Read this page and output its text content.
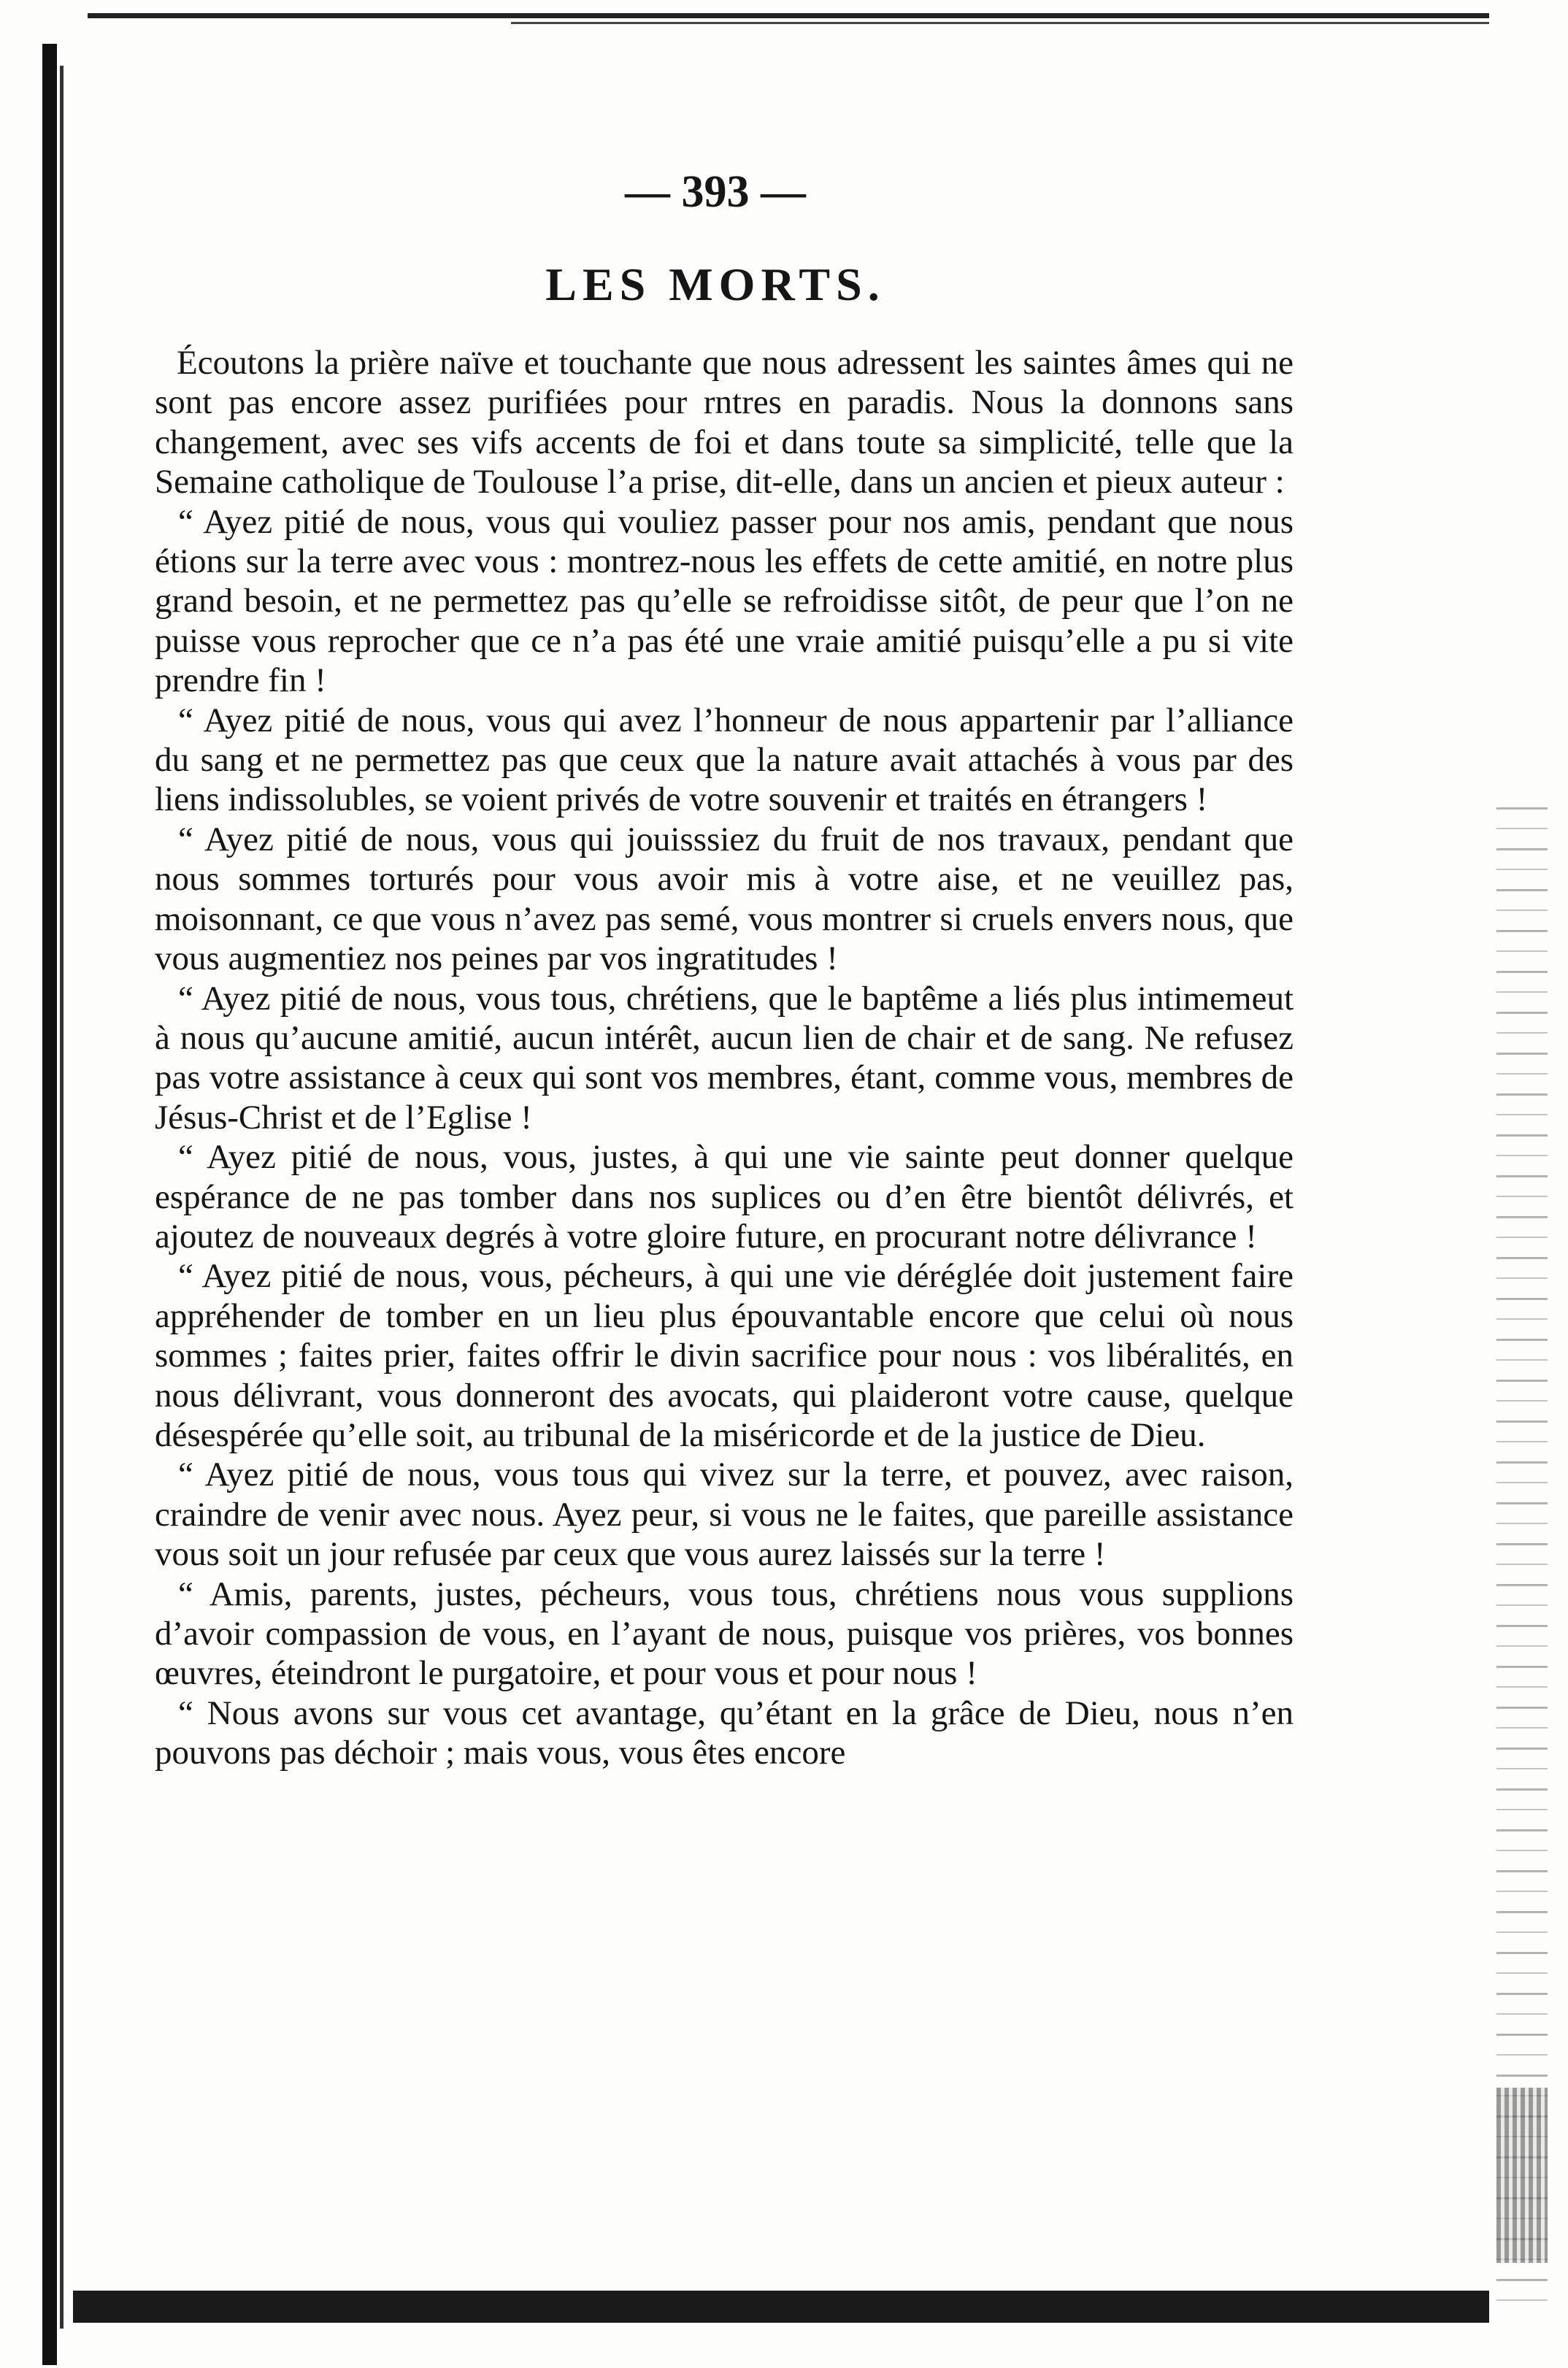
— 393 —
LES MORTS.

Écoutons la prière naïve et touchante que nous adressent les saintes âmes qui ne sont pas encore assez purifiées pour rntres en paradis. Nous la donnons sans changement, avec ses vifs accents de foi et dans toute sa simplicité, telle que la Semaine catholique de Toulouse l’a prise, dit-elle, dans un ancien et pieux auteur :

“ Ayez pitié de nous, vous qui vouliez passer pour nos amis, pendant que nous étions sur la terre avec vous : montrez-nous les effets de cette amitié, en notre plus grand besoin, et ne permettez pas qu’elle se refroidisse sitôt, de peur que l’on ne puisse vous reprocher que ce n’a pas été une vraie amitié puisqu’elle a pu si vite prendre fin !

“ Ayez pitié de nous, vous qui avez l’honneur de nous appartenir par l’alliance du sang et ne permettez pas que ceux que la nature avait attachés à vous par des liens indissolubles, se voient privés de votre souvenir et traités en étrangers !

“ Ayez pitié de nous, vous qui jouisssiez du fruit de nos travaux, pendant que nous sommes torturés pour vous avoir mis à votre aise, et ne veuillez pas, moisonnant, ce que vous n’avez pas semé, vous montrer si cruels envers nous, que vous augmentiez nos peines par vos ingratitudes !

“ Ayez pitié de nous, vous tous, chrétiens, que le baptême a liés plus intimemeut à nous qu’aucune amitié, aucun intérêt, aucun lien de chair et de sang. Ne refusez pas votre assistance à ceux qui sont vos membres, étant, comme vous, membres de Jésus-Christ et de l’Eglise !

“ Ayez pitié de nous, vous, justes, à qui une vie sainte peut donner quelque espérance de ne pas tomber dans nos suplices ou d’en être bientôt délivrés, et ajoutez de nouveaux degrés à votre gloire future, en procurant notre délivrance !

“ Ayez pitié de nous, vous, pécheurs, à qui une vie déréglée doit justement faire appréhender de tomber en un lieu plus épouvantable encore que celui où nous sommes ; faites prier, faites offrir le divin sacrifice pour nous : vos libéralités, en nous délivrant, vous donneront des avocats, qui plaideront votre cause, quelque désespérée qu’elle soit, au tribunal de la miséricorde et de la justice de Dieu.

“ Ayez pitié de nous, vous tous qui vivez sur la terre, et pouvez, avec raison, craindre de venir avec nous. Ayez peur, si vous ne le faites, que pareille assistance vous soit un jour refusée par ceux que vous aurez laissés sur la terre !

“ Amis, parents, justes, pécheurs, vous tous, chrétiens nous vous supplions d’avoir compassion de vous, en l’ayant de nous, puisque vos prières, vos bonnes œuvres, éteindront le purgatoire, et pour vous et pour nous !

“ Nous avons sur vous cet avantage, qu’étant en la grâce de Dieu, nous n’en pouvons pas déchoir ; mais vous, vous êtes encore
